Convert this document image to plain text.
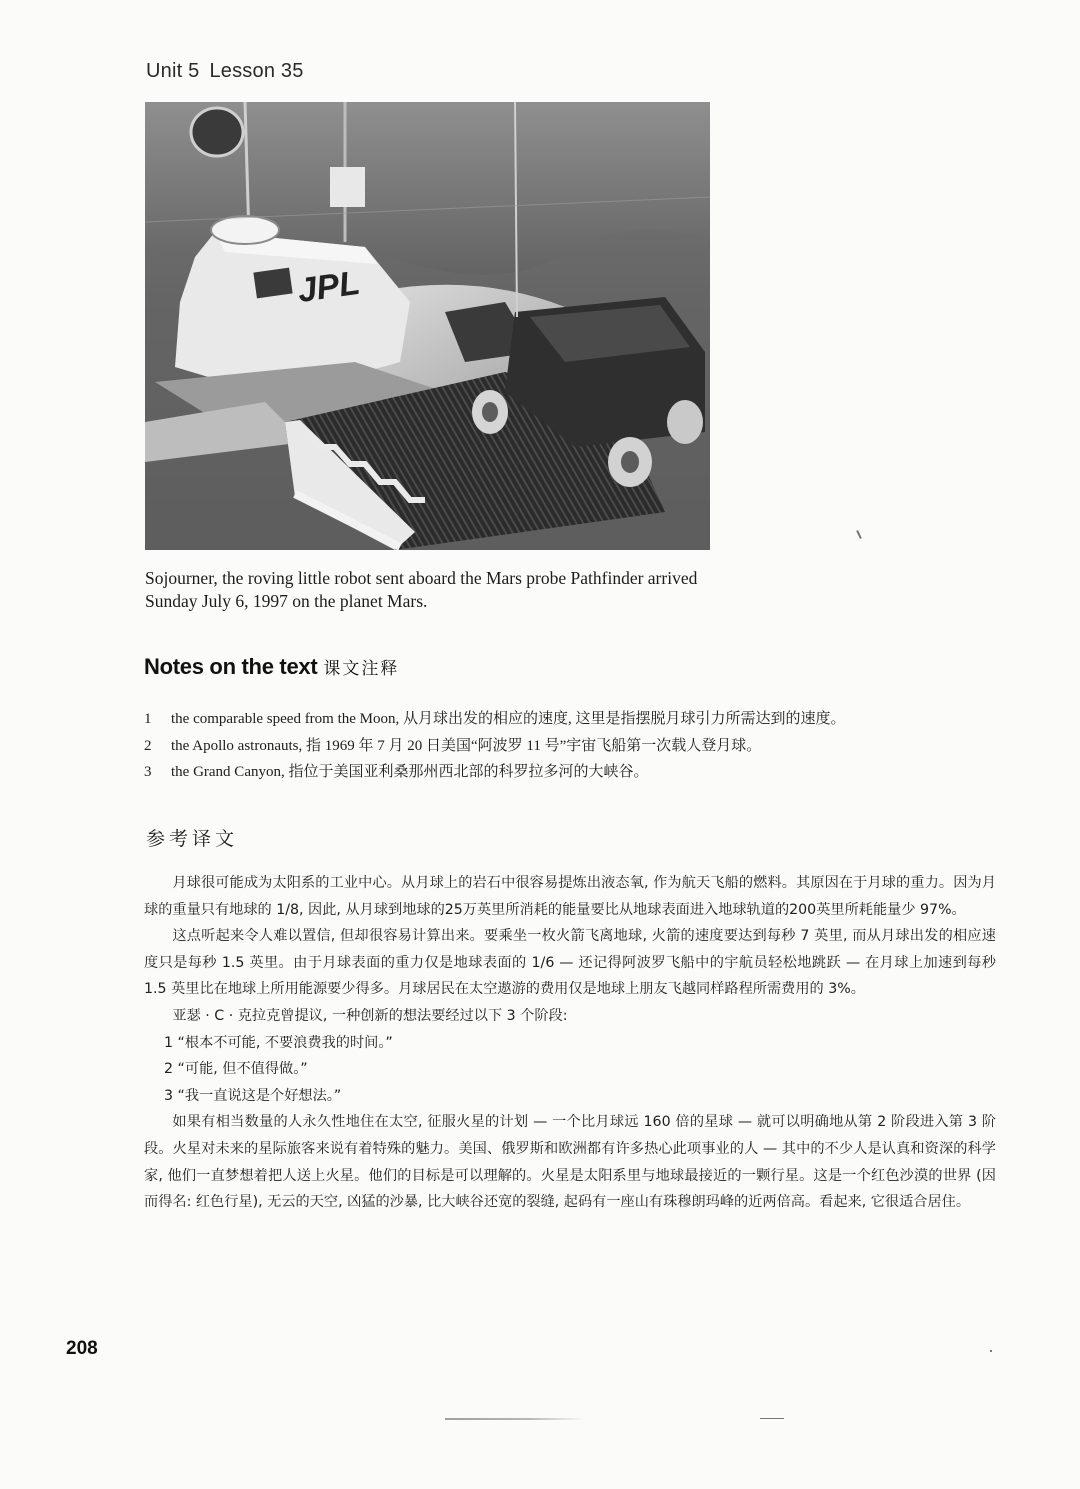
Unit 5 Lesson 35
JPL
Sojourner, the roving little robot sent aboard the Mars probe Pathfinder arrived Sunday July 6, 1997 on the planet Mars.
Notes on the text 课文注释
1 the comparable speed from the Moon, 从月球出发的相应的速度, 这里是指摆脱月球引力所需达到的速度。
2 the Apollo astronauts, 指 1969 年 7 月 20 日美国“阿波罗 11 号”宇宙飞船第一次载人登月球。
3 the Grand Canyon, 指位于美国亚利桑那州西北部的科罗拉多河的大峡谷。
参考译文

月球很可能成为太阳系的工业中心。从月球上的岩石中很容易提炼出液态氧, 作为航天飞船的燃料。其原因在于月球的重力。因为月球的重量只有地球的 1/8, 因此, 从月球到地球的25万英里所消耗的能量要比从地球表面进入地球轨道的200英里所耗能量少 97%。

这点听起来令人难以置信, 但却很容易计算出来。要乘坐一枚火箭飞离地球, 火箭的速度要达到每秒 7 英里, 而从月球出发的相应速度只是每秒 1.5 英里。由于月球表面的重力仅是地球表面的 1/6 — 还记得阿波罗飞船中的宇航员轻松地跳跃 — 在月球上加速到每秒 1.5 英里比在地球上所用能源要少得多。月球居民在太空遨游的费用仅是地球上朋友飞越同样路程所需费用的 3%。

亚瑟 · C · 克拉克曾提议, 一种创新的想法要经过以下 3 个阶段:

1 “根本不可能, 不要浪费我的时间。”

2 “可能, 但不值得做。”

3 “我一直说这是个好想法。”

如果有相当数量的人永久性地住在太空, 征服火星的计划 — 一个比月球远 160 倍的星球 — 就可以明确地从第 2 阶段进入第 3 阶段。火星对未来的星际旅客来说有着特殊的魅力。美国、俄罗斯和欧洲都有许多热心此项事业的人 — 其中的不少人是认真和资深的科学家, 他们一直梦想着把人送上火星。他们的目标是可以理解的。火星是太阳系里与地球最接近的一颗行星。这是一个红色沙漠的世界 (因而得名: 红色行星), 无云的天空, 凶猛的沙暴, 比大峡谷还宽的裂缝, 起码有一座山有珠穆朗玛峰的近两倍高。看起来, 它很适合居住。

208
